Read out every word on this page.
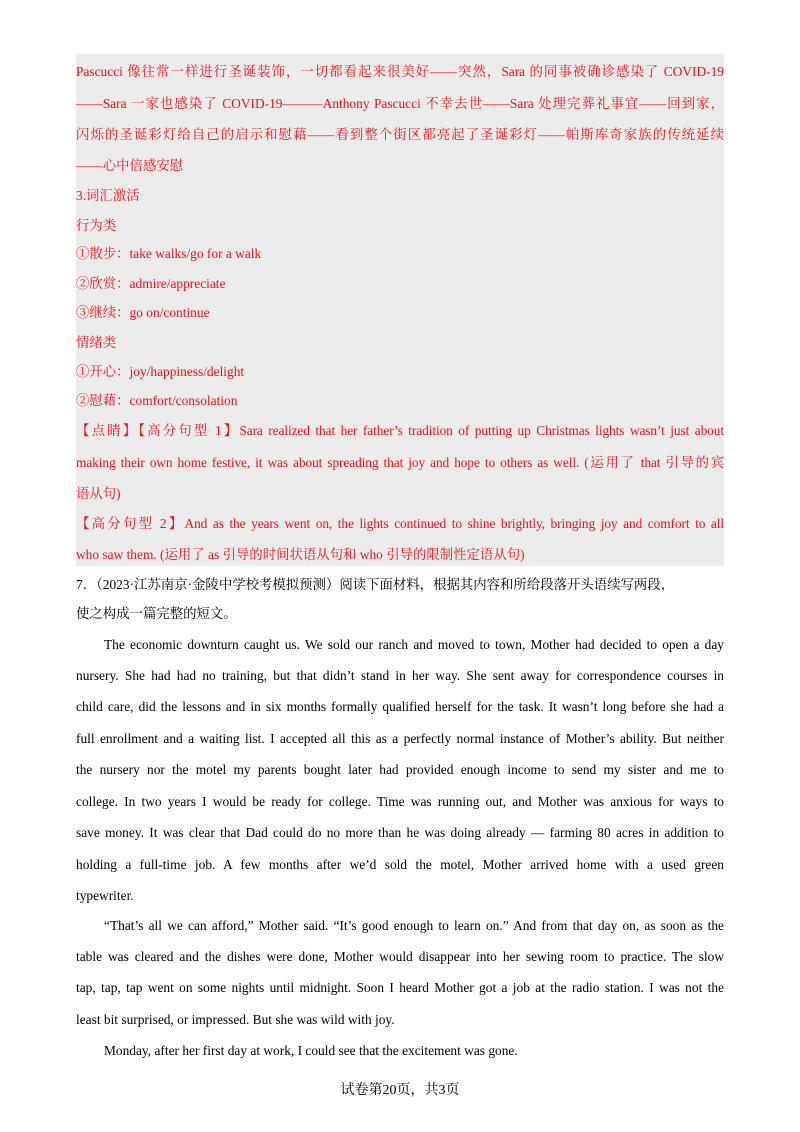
Pascucci 像往常一样进行圣诞装饰，一切都看起来很美好——突然，Sara 的同事被确诊感染了 COVID-19
——Sara 一家也感染了 COVID-19———Anthony Pascucci 不幸去世——Sara 处理完葬礼事宜——回到家，
闪烁的圣诞彩灯给自己的启示和慰藉——看到整个街区都亮起了圣诞彩灯——帕斯库奇家族的传统延续
——心中倍感安慰
3.词汇激活
行为类
①散步：take walks/go for a walk
②欣赏：admire/appreciate
③继续：go on/continue
情绪类
①开心：joy/happiness/delight
②慰藉：comfort/consolation
【点睛】【高分句型 1】Sara realized that her father’s tradition of putting up Christmas lights wasn’t just about
making their own home festive, it was about spreading that joy and hope to others as well. (运用了 that 引导的宾
语从句)
【高分句型 2】And as the years went on, the lights continued to shine brightly, bringing joy and comfort to all
who saw them. (运用了 as 引导的时间状语从句和 who 引导的限制性定语从句)
7．（2023·江苏南京·金陵中学校考模拟预测）阅读下面材料，根据其内容和所给段落开头语续写两段，
使之构成一篇完整的短文。
The economic downturn caught us. We sold our ranch and moved to town, Mother had decided to open a day
nursery. She had had no training, but that didn’t stand in her way. She sent away for correspondence courses in
child care, did the lessons and in six months formally qualified herself for the task. It wasn’t long before she had a
full enrollment and a waiting list. I accepted all this as a perfectly normal instance of Mother’s ability. But neither
the nursery nor the motel my parents bought later had provided enough income to send my sister and me to
college. In two years I would be ready for college. Time was running out, and Mother was anxious for ways to
save money. It was clear that Dad could do no more than he was doing already — farming 80 acres in addition to
holding a full-time job. A few months after we’d sold the motel, Mother arrived home with a used green
typewriter.
“That’s all we can afford,” Mother said. “It’s good enough to learn on.” And from that day on, as soon as the
table was cleared and the dishes were done, Mother would disappear into her sewing room to practice. The slow
tap, tap, tap went on some nights until midnight. Soon I heard Mother got a job at the radio station. I was not the
least bit surprised, or impressed. But she was wild with joy.
Monday, after her first day at work, I could see that the excitement was gone.
试卷第20页，共3页
